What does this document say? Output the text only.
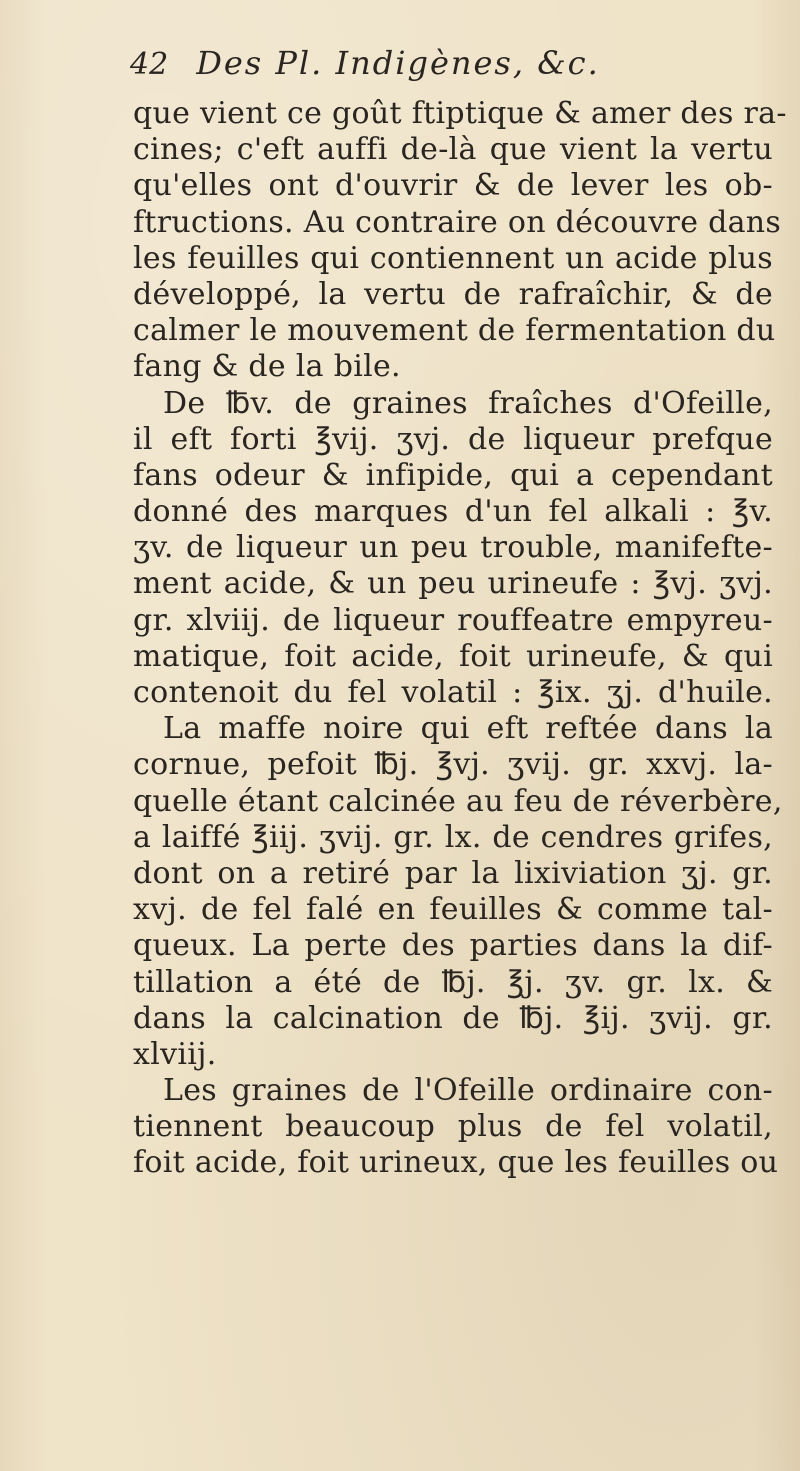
42 Des Pl. Indigènes, &c.
que vient ce goût ftiptique & amer des ra-
cines; c'eft auffi de-là que vient la vertu
qu'elles ont d'ouvrir & de lever les ob-
ftructions. Au contraire on découvre dans
les feuilles qui contiennent un acide plus
développé, la vertu de rafraîchir, & de
calmer le mouvement de fermentation du
fang & de la bile.
De ℔v. de graines fraîches d'Ofeille,
il eft forti ℥vij. ʒvj. de liqueur prefque
fans odeur & infipide, qui a cependant
donné des marques d'un fel alkali : ℥v.
ʒv. de liqueur un peu trouble, manifefte-
ment acide, & un peu urineufe : ℥vj. ʒvj.
gr. xlviij. de liqueur rouffeatre empyreu-
matique, foit acide, foit urineufe, & qui
contenoit du fel volatil : ℥ix. ʒj. d'huile.
La maffe noire qui eft reftée dans la
cornue, pefoit ℔j. ℥vj. ʒvij. gr. xxvj. la-
quelle étant calcinée au feu de réverbère,
a laiffé ℥iij. ʒvij. gr. lx. de cendres grifes,
dont on a retiré par la lixiviation ʒj. gr.
xvj. de fel falé en feuilles & comme tal-
queux. La perte des parties dans la dif-
tillation a été de ℔j. ℥j. ʒv. gr. lx. &
dans la calcination de ℔j. ℥ij. ʒvij. gr.
xlviij.
Les graines de l'Ofeille ordinaire con-
tiennent beaucoup plus de fel volatil,
foit acide, foit urineux, que les feuilles ou
